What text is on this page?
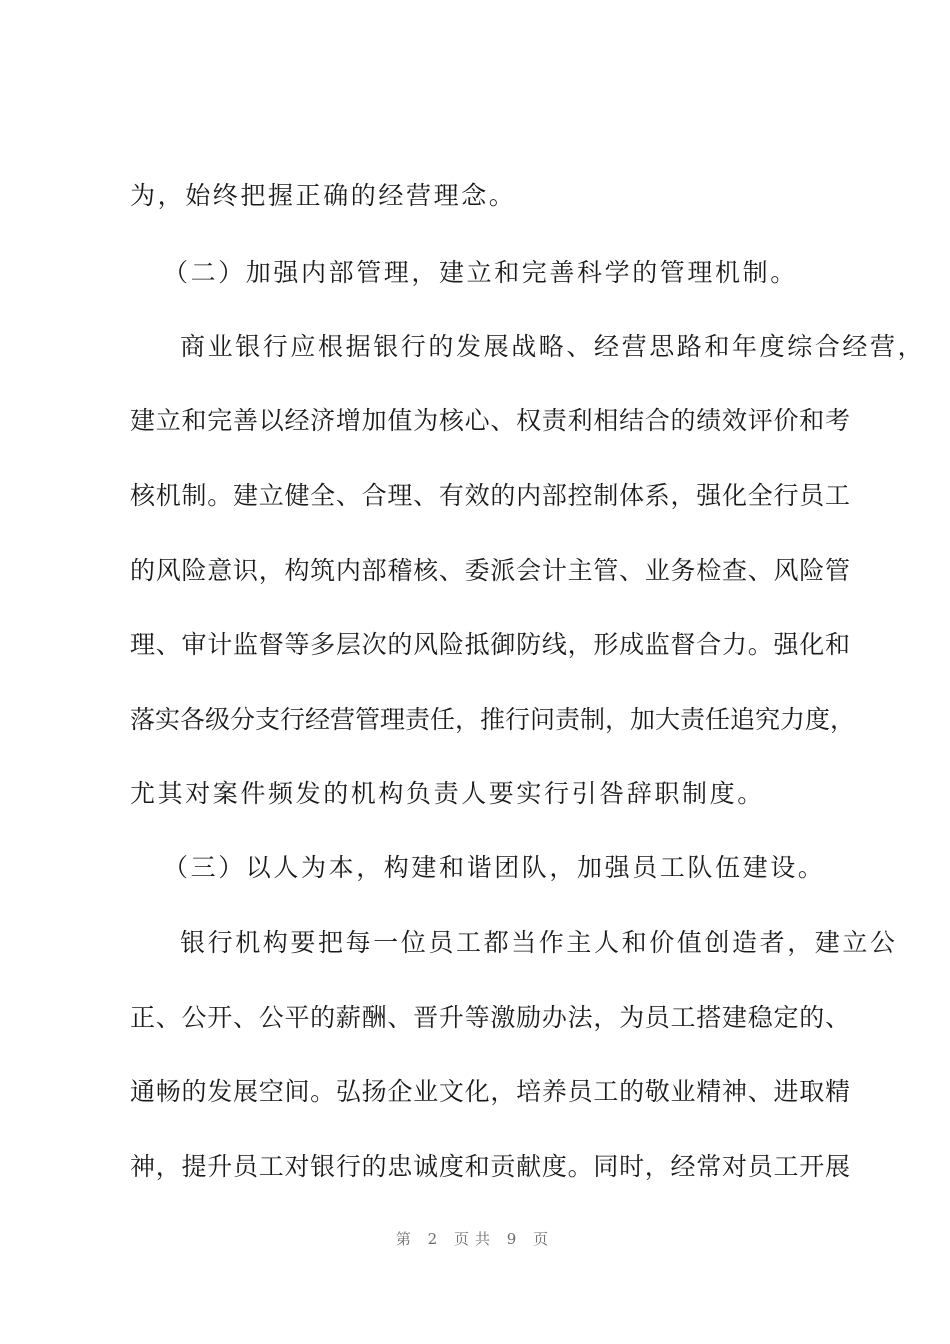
为，始终把握正确的经营理念。
（二）加强内部管理，建立和完善科学的管理机制。
商业银行应根据银行的发展战略、经营思路和年度综合经营，
建立和完善以经济增加值为核心、权责利相结合的绩效评价和考
核机制。建立健全、合理、有效的内部控制体系，强化全行员工
的风险意识，构筑内部稽核、委派会计主管、业务检查、风险管
理、审计监督等多层次的风险抵御防线，形成监督合力。强化和
落实各级分支行经营管理责任，推行问责制，加大责任追究力度，
尤其对案件频发的机构负责人要实行引咎辞职制度。
（三）以人为本，构建和谐团队，加强员工队伍建设。
银行机构要把每一位员工都当作主人和价值创造者，建立公
正、公开、公平的薪酬、晋升等激励办法，为员工搭建稳定的、
通畅的发展空间。弘扬企业文化，培养员工的敬业精神、进取精
神，提升员工对银行的忠诚度和贡献度。同时，经常对员工开展
第 2 页共 9 页
